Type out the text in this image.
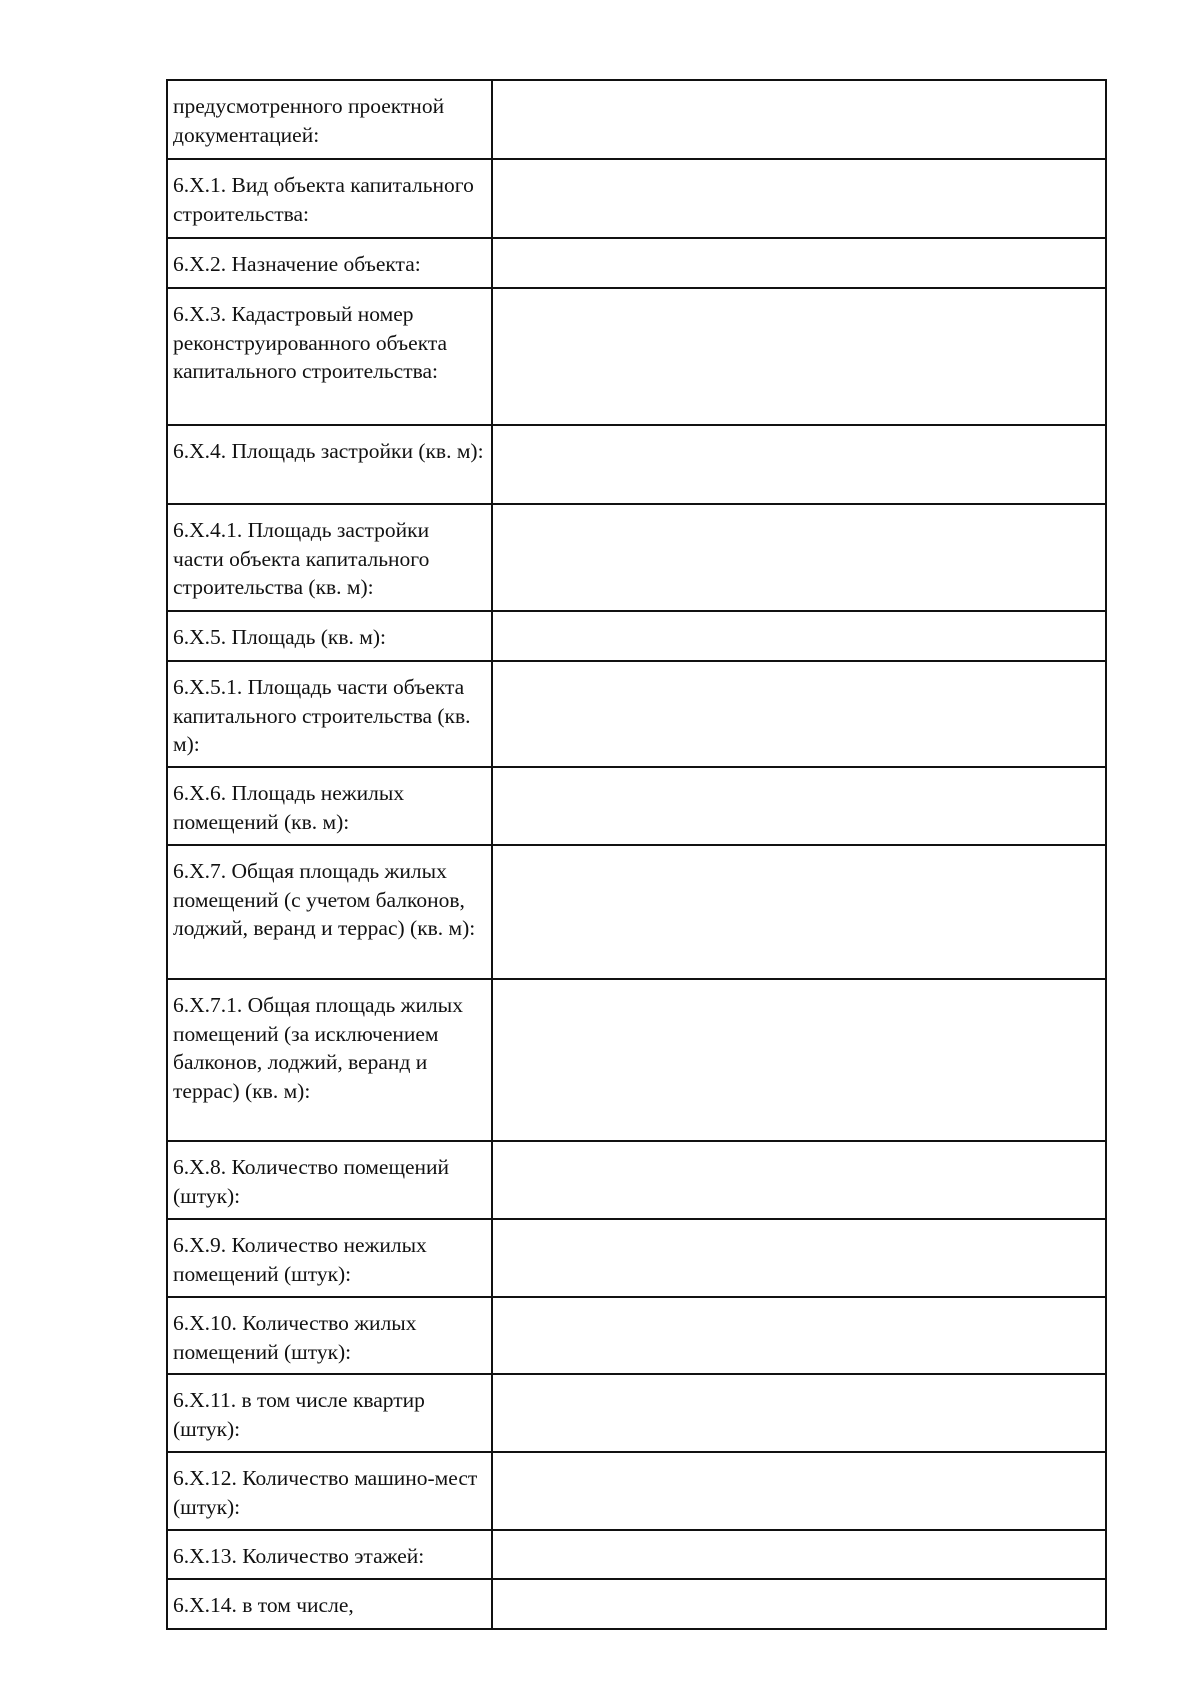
предусмотренного проектной документацией:	
6.X.1. Вид объекта капитального строительства:	
6.X.2. Назначение объекта:	
6.X.3. Кадастровый номер реконструированного объекта капитального строительства:	
6.X.4. Площадь застройки (кв. м):	
6.X.4.1. Площадь застройки части объекта капитального строительства (кв. м):	
6.X.5. Площадь (кв. м):	
6.X.5.1. Площадь части объекта капитального строительства (кв. м):	
6.X.6. Площадь нежилых помещений (кв. м):	
6.X.7. Общая площадь жилых помещений (с учетом балконов, лоджий, веранд и террас) (кв. м):	
6.X.7.1. Общая площадь жилых помещений (за исключением балконов, лоджий, веранд и террас) (кв. м):	
6.X.8. Количество помещений (штук):	
6.X.9. Количество нежилых помещений (штук):	
6.X.10. Количество жилых помещений (штук):	
6.X.11. в том числе квартир (штук):	
6.X.12. Количество машино-мест (штук):	
6.X.13. Количество этажей:	
6.X.14. в том числе,	
